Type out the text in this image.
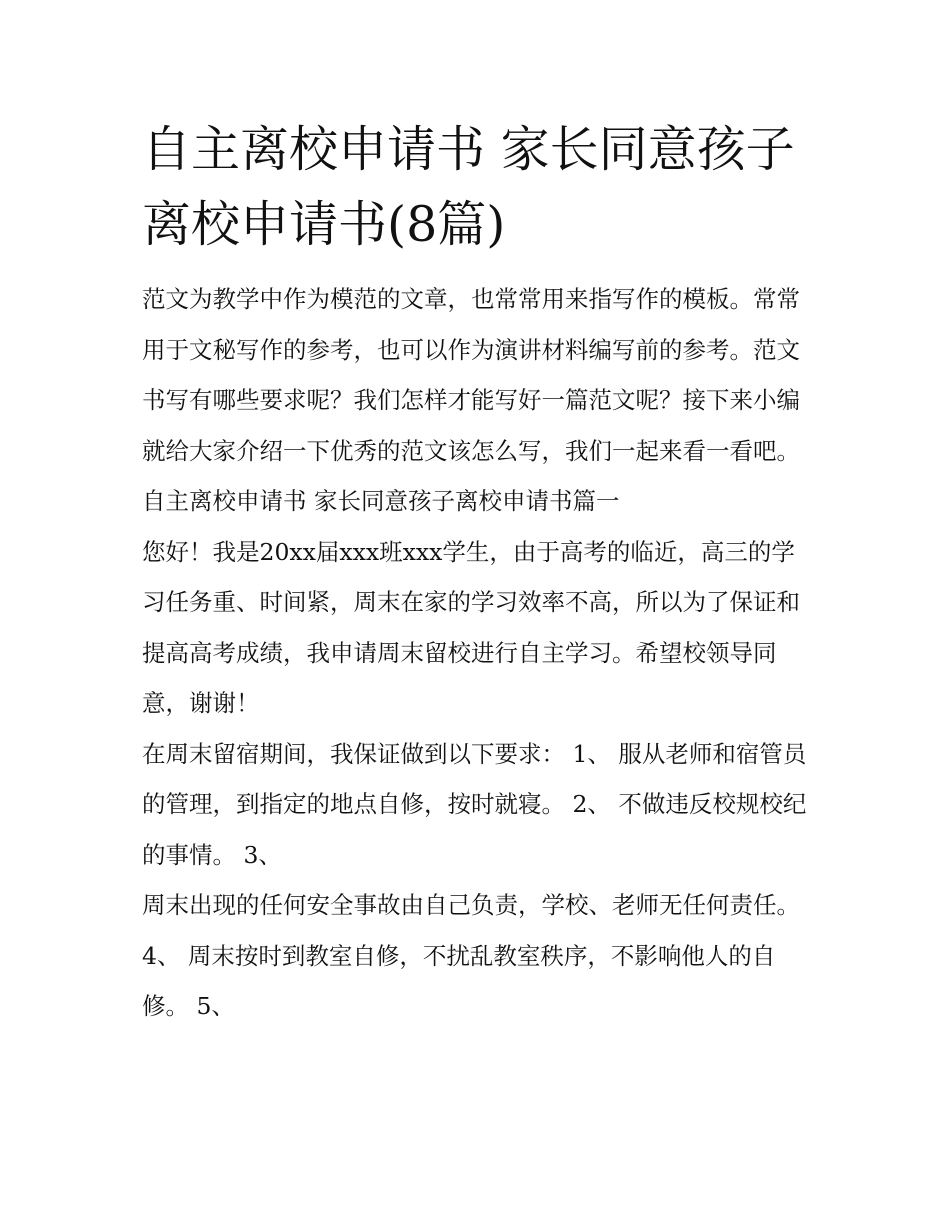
自主离校申请书 家长同意孩子离校申请书(8篇)

范文为教学中作为模范的文章，也常常用来指写作的模板。常常用于文秘写作的参考，也可以作为演讲材料编写前的参考。范文书写有哪些要求呢？我们怎样才能写好一篇范文呢？接下来小编就给大家介绍一下优秀的范文该怎么写，我们一起来看一看吧。

自主离校申请书 家长同意孩子离校申请书篇一

您好！我是20xx届xxx班xxx学生，由于高考的临近，高三的学习任务重、时间紧，周末在家的学习效率不高，所以为了保证和提高高考成绩，我申请周末留校进行自主学习。希望校领导同意，谢谢！

在周末留宿期间，我保证做到以下要求： 1、 服从老师和宿管员的管理，到指定的地点自修，按时就寝。 2、 不做违反校规校纪的事情。 3、

周末出现的任何安全事故由自己负责，学校、老师无任何责任。 4、 周末按时到教室自修，不扰乱教室秩序，不影响他人的自修。 5、
